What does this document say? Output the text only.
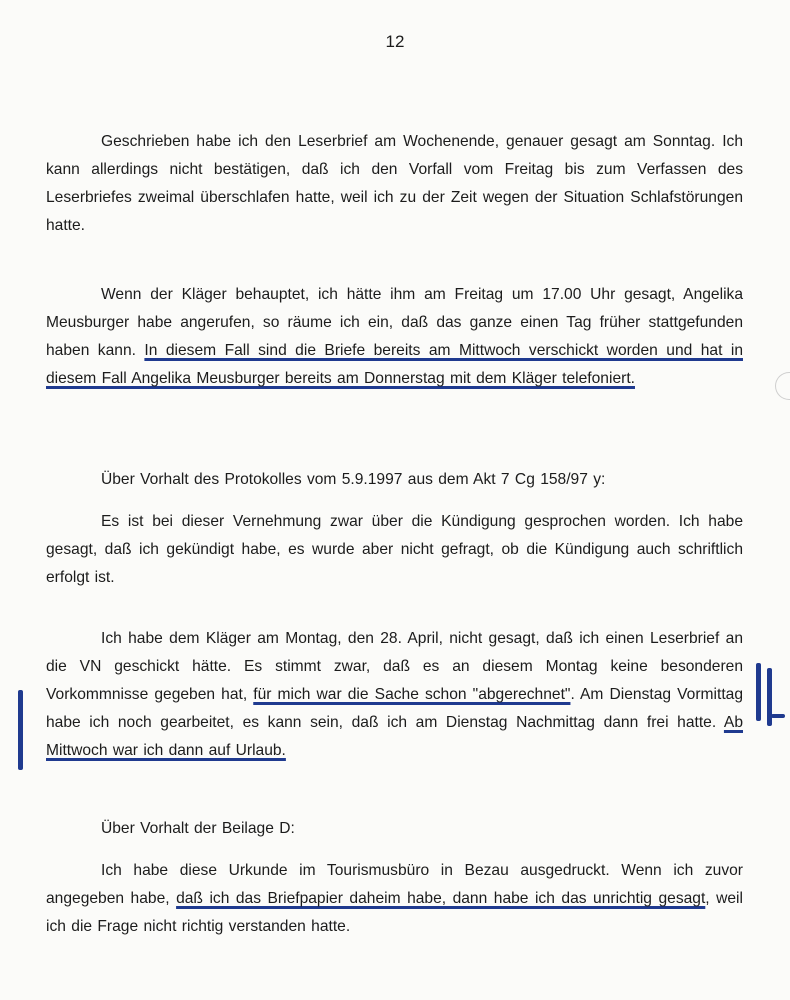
12

Geschrieben habe ich den Leserbrief am Wochenende, genauer gesagt am Sonntag. Ich kann allerdings nicht bestätigen, daß ich den Vorfall vom Freitag bis zum Verfassen des Leserbriefes zweimal überschlafen hatte, weil ich zu der Zeit wegen der Situation Schlafstörungen hatte.

Wenn der Kläger behauptet, ich hätte ihm am Freitag um 17.00 Uhr gesagt, Angelika Meusburger habe angerufen, so räume ich ein, daß das ganze einen Tag früher stattgefunden haben kann. In diesem Fall sind die Briefe bereits am Mittwoch verschickt worden und hat in diesem Fall Angelika Meusburger bereits am Donnerstag mit dem Kläger telefoniert.

Über Vorhalt des Protokolles vom 5.9.1997 aus dem Akt 7 Cg 158/97 y:

Es ist bei dieser Vernehmung zwar über die Kündigung gesprochen worden. Ich habe gesagt, daß ich gekündigt habe, es wurde aber nicht gefragt, ob die Kündigung auch schriftlich erfolgt ist.

Ich habe dem Kläger am Montag, den 28. April, nicht gesagt, daß ich einen Leserbrief an die VN geschickt hätte. Es stimmt zwar, daß es an diesem Montag keine besonderen Vorkommnisse gegeben hat, für mich war die Sache schon "abgerechnet". Am Dienstag Vormittag habe ich noch gearbeitet, es kann sein, daß ich am Dienstag Nachmittag dann frei hatte. Ab Mittwoch war ich dann auf Urlaub.

Über Vorhalt der Beilage D:

Ich habe diese Urkunde im Tourismusbüro in Bezau ausgedruckt. Wenn ich zuvor angegeben habe, daß ich das Briefpapier daheim habe, dann habe ich das unrichtig gesagt, weil ich die Frage nicht richtig verstanden hatte.
